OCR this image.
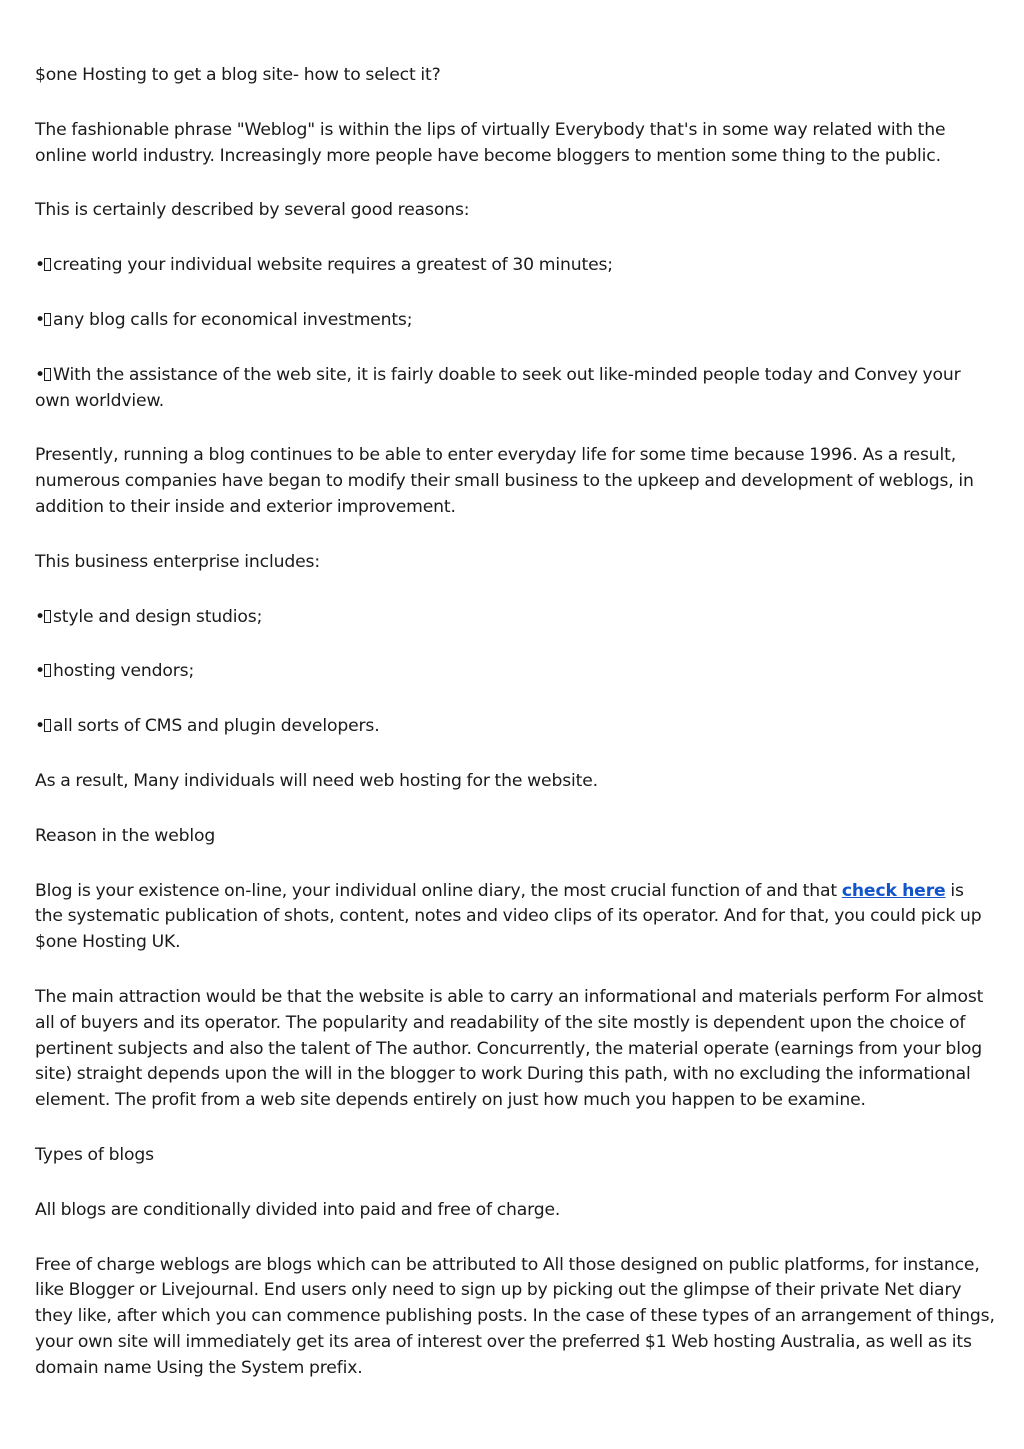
$one Hosting to get a blog site- how to select it?

The fashionable phrase "Weblog" is within the lips of virtually Everybody that's in some way related with the online world industry. Increasingly more people have become bloggers to mention some thing to the public.

This is certainly described by several good reasons:

• creating your individual website requires a greatest of 30 minutes;

• any blog calls for economical investments;

• With the assistance of the web site, it is fairly doable to seek out like-minded people today and Convey your own worldview.

Presently, running a blog continues to be able to enter everyday life for some time because 1996. As a result, numerous companies have began to modify their small business to the upkeep and development of weblogs, in addition to their inside and exterior improvement.

This business enterprise includes:

• style and design studios;

• hosting vendors;

• all sorts of CMS and plugin developers.

As a result, Many individuals will need web hosting for the website.

Reason in the weblog

Blog is your existence on-line, your individual online diary, the most crucial function of and that check here is the systematic publication of shots, content, notes and video clips of its operator. And for that, you could pick up $one Hosting UK.

The main attraction would be that the website is able to carry an informational and materials perform For almost all of buyers and its operator. The popularity and readability of the site mostly is dependent upon the choice of pertinent subjects and also the talent of The author. Concurrently, the material operate (earnings from your blog site) straight depends upon the will in the blogger to work During this path, with no excluding the informational element. The profit from a web site depends entirely on just how much you happen to be examine.

Types of blogs

All blogs are conditionally divided into paid and free of charge.

Free of charge weblogs are blogs which can be attributed to All those designed on public platforms, for instance, like Blogger or Livejournal. End users only need to sign up by picking out the glimpse of their private Net diary they like, after which you can commence publishing posts. In the case of these types of an arrangement of things, your own site will immediately get its area of interest over the preferred $1 Web hosting Australia, as well as its domain name Using the System prefix.
